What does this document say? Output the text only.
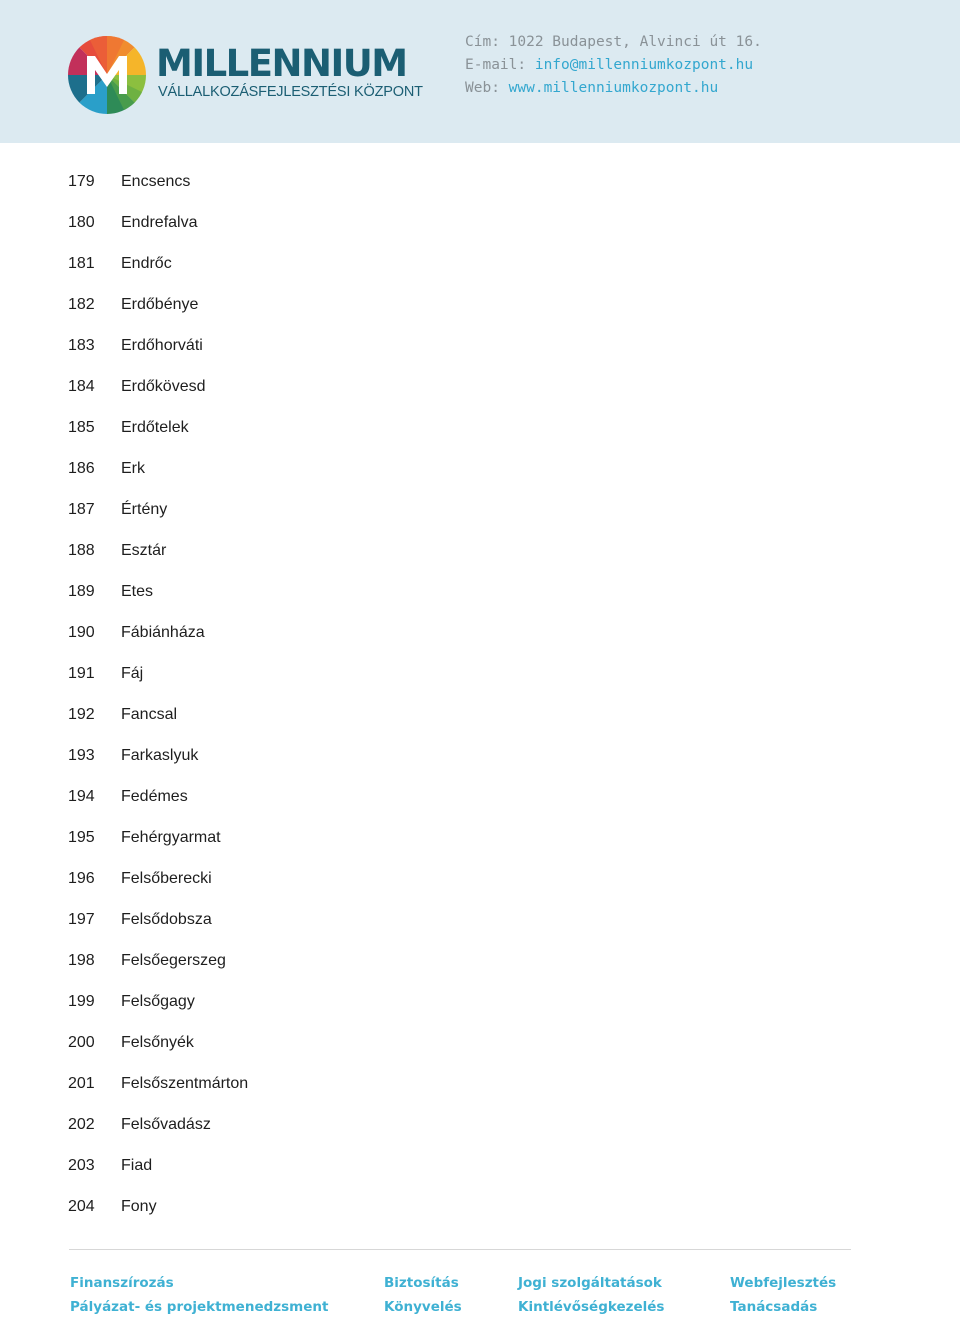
MILLENNIUM
VÁLLALKOZÁSFEJLESZTÉSI KÖZPONT
Cím: 1022 Budapest, Alvinci út 16.
E-mail: info@millenniumkozpont.hu
Web: www.millenniumkozpont.hu
179	Encsencs
180	Endrefalva
181	Endrőc
182	Erdőbénye
183	Erdőhorváti
184	Erdőkövesd
185	Erdőtelek
186	Erk
187	Értény
188	Esztár
189	Etes
190	Fábiánháza
191	Fáj
192	Fancsal
193	Farkaslyuk
194	Fedémes
195	Fehérgyarmat
196	Felsőberecki
197	Felsődobsza
198	Felsőegerszeg
199	Felsőgagy
200	Felsőnyék
201	Felsőszentmárton
202	Felsővadász
203	Fiad
204	Fony
Finanszírozás
Pályázat- és projektmenedzsment
Biztosítás
Könyvelés
Jogi szolgáltatások
Kintlévőségkezelés
Webfejlesztés
Tanácsadás
